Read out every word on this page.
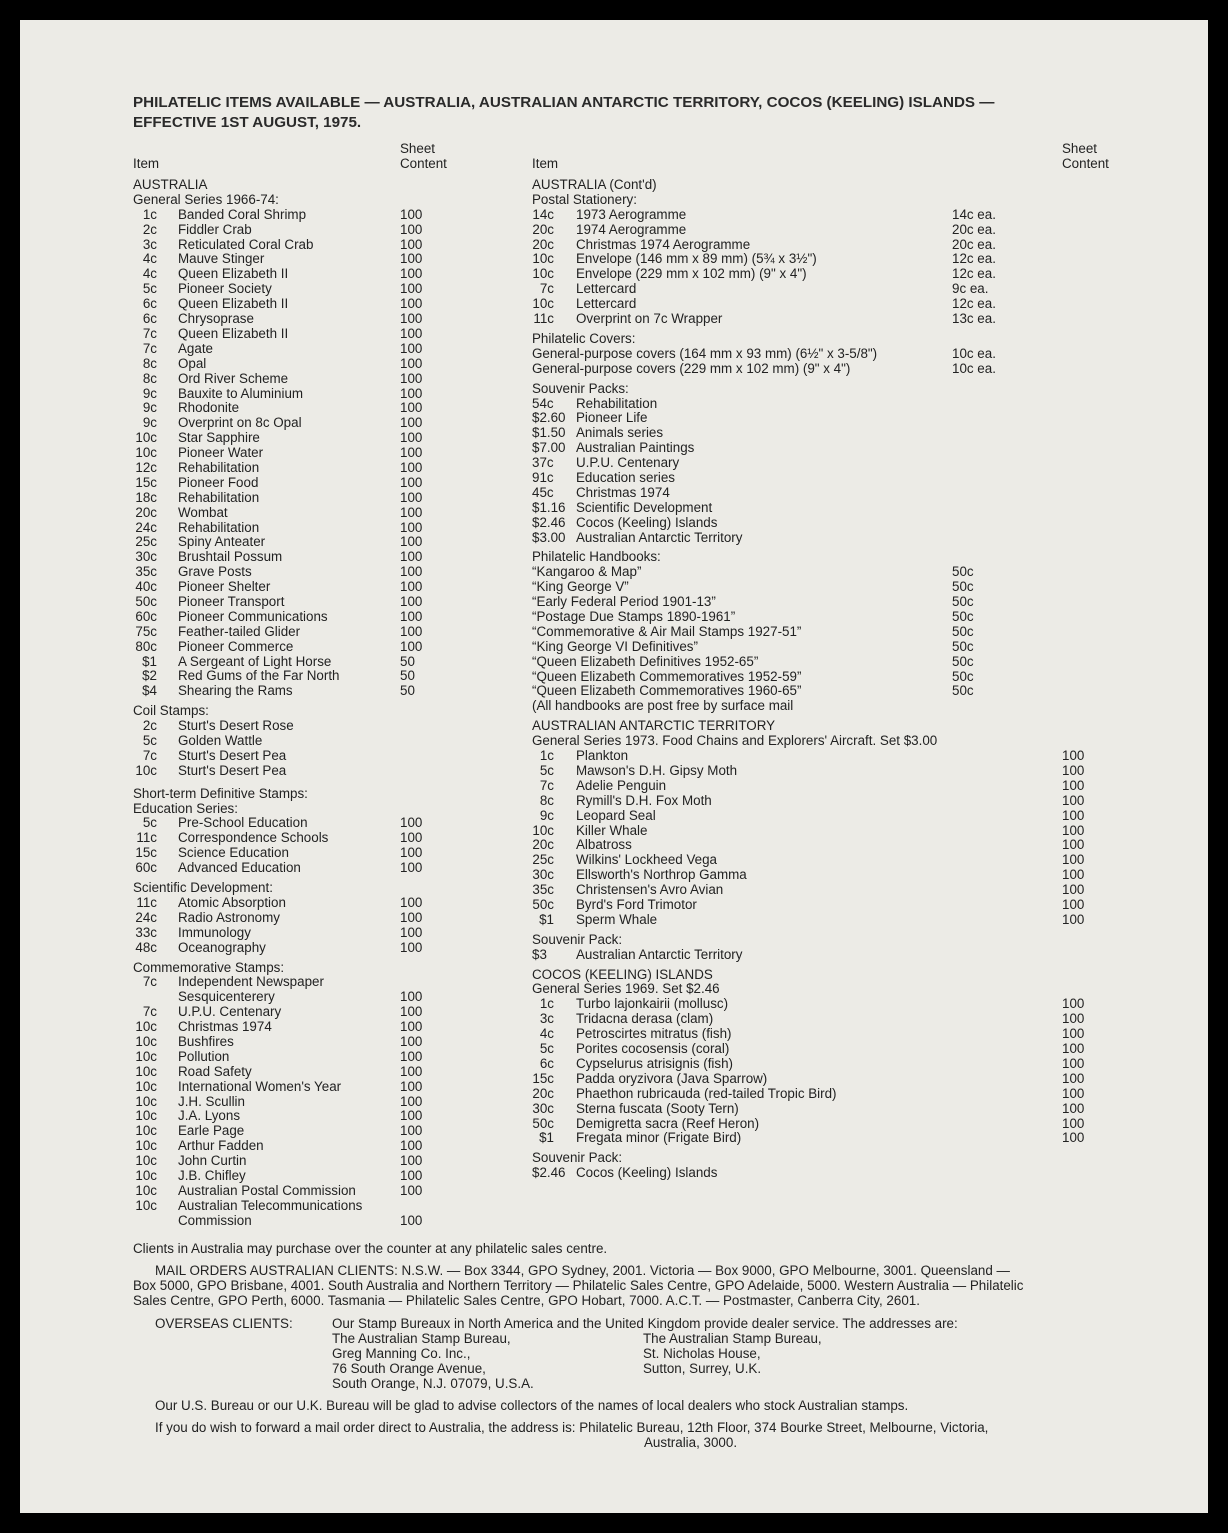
PHILATELIC ITEMS AVAILABLE — AUSTRALIA, AUSTRALIAN ANTARCTIC TERRITORY, COCOS (KEELING) ISLANDS —
EFFECTIVE 1ST AUGUST, 1975.
Item
Sheet
Content
AUSTRALIA
General Series 1966-74:
1c Banded Coral Shrimp	100
2c Fiddler Crab	100
3c Reticulated Coral Crab	100
4c Mauve Stinger	100
4c Queen Elizabeth II	100
5c Pioneer Society	100
6c Queen Elizabeth II	100
6c Chrysoprase	100
7c Queen Elizabeth II	100
7c Agate	100
8c Opal	100
8c Ord River Scheme	100
9c Bauxite to Aluminium	100
9c Rhodonite	100
9c Overprint on 8c Opal	100
10c Star Sapphire	100
10c Pioneer Water	100
12c Rehabilitation	100
15c Pioneer Food	100
18c Rehabilitation	100
20c Wombat	100
24c Rehabilitation	100
25c Spiny Anteater	100
30c Brushtail Possum	100
35c Grave Posts	100
40c Pioneer Shelter	100
50c Pioneer Transport	100
60c Pioneer Communications	100
75c Feather-tailed Glider	100
80c Pioneer Commerce	100
$1 A Sergeant of Light Horse	50
$2 Red Gums of the Far North	50
$4 Shearing the Rams	50
Coil Stamps:
2c Sturt's Desert Rose
5c Golden Wattle
7c Sturt's Desert Pea
10c Sturt's Desert Pea
Short-term Definitive Stamps:
Education Series:
5c Pre-School Education	100
11c Correspondence Schools	100
15c Science Education	100
60c Advanced Education	100
Scientific Development:
11c Atomic Absorption	100
24c Radio Astronomy	100
33c Immunology	100
48c Oceanography	100
Commemorative Stamps:
7c Independent Newspaper
Sesquicenterery	100
7c U.P.U. Centenary	100
10c Christmas 1974	100
10c Bushfires	100
10c Pollution	100
10c Road Safety	100
10c International Women's Year	100
10c J.H. Scullin	100
10c J.A. Lyons	100
10c Earle Page	100
10c Arthur Fadden	100
10c John Curtin	100
10c J.B. Chifley	100
10c Australian Postal Commission	100
10c Australian Telecommunications
Commission	100
Item
Sheet
Content
AUSTRALIA (Cont'd)
Postal Stationery:
14c 1973 Aerogramme	14c ea.
20c 1974 Aerogramme	20c ea.
20c Christmas 1974 Aerogramme	20c ea.
10c Envelope (146 mm x 89 mm) (5¾ x 3½")	12c ea.
10c Envelope (229 mm x 102 mm) (9" x 4")	12c ea.
7c Lettercard	9c ea.
10c Lettercard	12c ea.
11c Overprint on 7c Wrapper	13c ea.
Philatelic Covers:
General-purpose covers (164 mm x 93 mm) (6½" x 3-5/8")	10c ea.
General-purpose covers (229 mm x 102 mm) (9" x 4")	10c ea.
Souvenir Packs:
54c Rehabilitation
$2.60 Pioneer Life
$1.50 Animals series
$7.00 Australian Paintings
37c U.P.U. Centenary
91c Education series
45c Christmas 1974
$1.16 Scientific Development
$2.46 Cocos (Keeling) Islands
$3.00 Australian Antarctic Territory
Philatelic Handbooks:
“Kangaroo & Map”	50c
“King George V”	50c
“Early Federal Period 1901-13”	50c
“Postage Due Stamps 1890-1961”	50c
“Commemorative & Air Mail Stamps 1927-51”	50c
“King George VI Definitives”	50c
“Queen Elizabeth Definitives 1952-65”	50c
“Queen Elizabeth Commemoratives 1952-59”	50c
“Queen Elizabeth Commemoratives 1960-65”	50c
(All handbooks are post free by surface mail
AUSTRALIAN ANTARCTIC TERRITORY
General Series 1973. Food Chains and Explorers' Aircraft. Set $3.00
1c Plankton	100
5c Mawson's D.H. Gipsy Moth	100
7c Adelie Penguin	100
8c Rymill's D.H. Fox Moth	100
9c Leopard Seal	100
10c Killer Whale	100
20c Albatross	100
25c Wilkins' Lockheed Vega	100
30c Ellsworth's Northrop Gamma	100
35c Christensen's Avro Avian	100
50c Byrd's Ford Trimotor	100
$1 Sperm Whale	100
Souvenir Pack:
$3 Australian Antarctic Territory
COCOS (KEELING) ISLANDS
General Series 1969. Set $2.46
1c Turbo lajonkairii (mollusc)	100
3c Tridacna derasa (clam)	100
4c Petroscirtes mitratus (fish)	100
5c Porites cocosensis (coral)	100
6c Cypselurus atrisignis (fish)	100
15c Padda oryzivora (Java Sparrow)	100
20c Phaethon rubricauda (red-tailed Tropic Bird)	100
30c Sterna fuscata (Sooty Tern)	100
50c Demigretta sacra (Reef Heron)	100
$1 Fregata minor (Frigate Bird)	100
Souvenir Pack:
$2.46 Cocos (Keeling) Islands
Clients in Australia may purchase over the counter at any philatelic sales centre.

MAIL ORDERS AUSTRALIAN CLIENTS: N.S.W. — Box 3344, GPO Sydney, 2001. Victoria — Box 9000, GPO Melbourne, 3001. Queensland —

Box 5000, GPO Brisbane, 4001. South Australia and Northern Territory — Philatelic Sales Centre, GPO Adelaide, 5000. Western Australia — Philatelic

Sales Centre, GPO Perth, 6000. Tasmania — Philatelic Sales Centre, GPO Hobart, 7000. A.C.T. — Postmaster, Canberra City, 2601.

OVERSEAS CLIENTS:	Our Stamp Bureaux in North America and the United Kingdom provide dealer service. The addresses are:
The Australian Stamp Bureau,
Greg Manning Co. Inc.,
76 South Orange Avenue,
South Orange, N.J. 07079, U.S.A.
The Australian Stamp Bureau,
St. Nicholas House,
Sutton, Surrey, U.K.
Our U.S. Bureau or our U.K. Bureau will be glad to advise collectors of the names of local dealers who stock Australian stamps.

If you do wish to forward a mail order direct to Australia, the address is: Philatelic Bureau, 12th Floor, 374 Bourke Street, Melbourne, Victoria,

Australia, 3000.
